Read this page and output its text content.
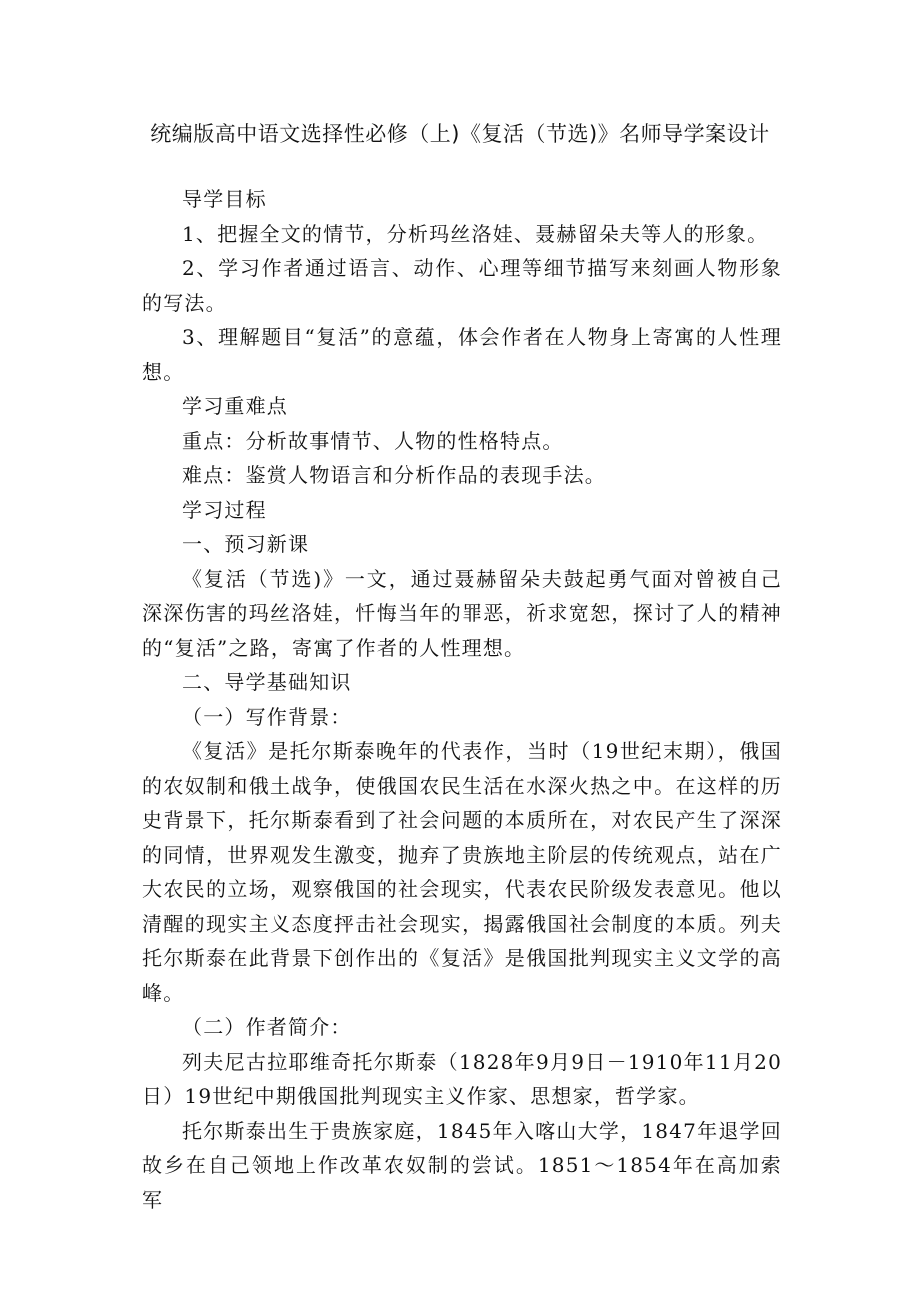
统编版高中语文选择性必修（上)《复活（节选)》名师导学案设计

导学目标

1、把握全文的情节，分析玛丝洛娃、聂赫留朵夫等人的形象。

2、学习作者通过语言、动作、心理等细节描写来刻画人物形象的写法。

3、理解题目“复活”的意蕴，体会作者在人物身上寄寓的人性理想。

学习重难点

重点：分析故事情节、人物的性格特点。

难点：鉴赏人物语言和分析作品的表现手法。

学习过程

一、预习新课

《复活（节选)》一文，通过聂赫留朵夫鼓起勇气面对曾被自己深深伤害的玛丝洛娃，忏悔当年的罪恶，祈求宽恕，探讨了人的精神的“复活”之路，寄寓了作者的人性理想。

二、导学基础知识

（一）写作背景：

《复活》是托尔斯泰晚年的代表作，当时（19世纪末期），俄国的农奴制和俄土战争，使俄国农民生活在水深火热之中。在这样的历史背景下，托尔斯泰看到了社会问题的本质所在，对农民产生了深深的同情，世界观发生激变，抛弃了贵族地主阶层的传统观点，站在广大农民的立场，观察俄国的社会现实，代表农民阶级发表意见。他以清醒的现实主义态度抨击社会现实，揭露俄国社会制度的本质。列夫托尔斯泰在此背景下创作出的《复活》是俄国批判现实主义文学的高峰。

（二）作者简介：

列夫尼古拉耶维奇托尔斯泰（1828年9月9日－1910年11月20日）19世纪中期俄国批判现实主义作家、思想家，哲学家。

托尔斯泰出生于贵族家庭，1845年入喀山大学，1847年退学回故乡在自己领地上作改革农奴制的尝试。1851～1854年在高加索军
